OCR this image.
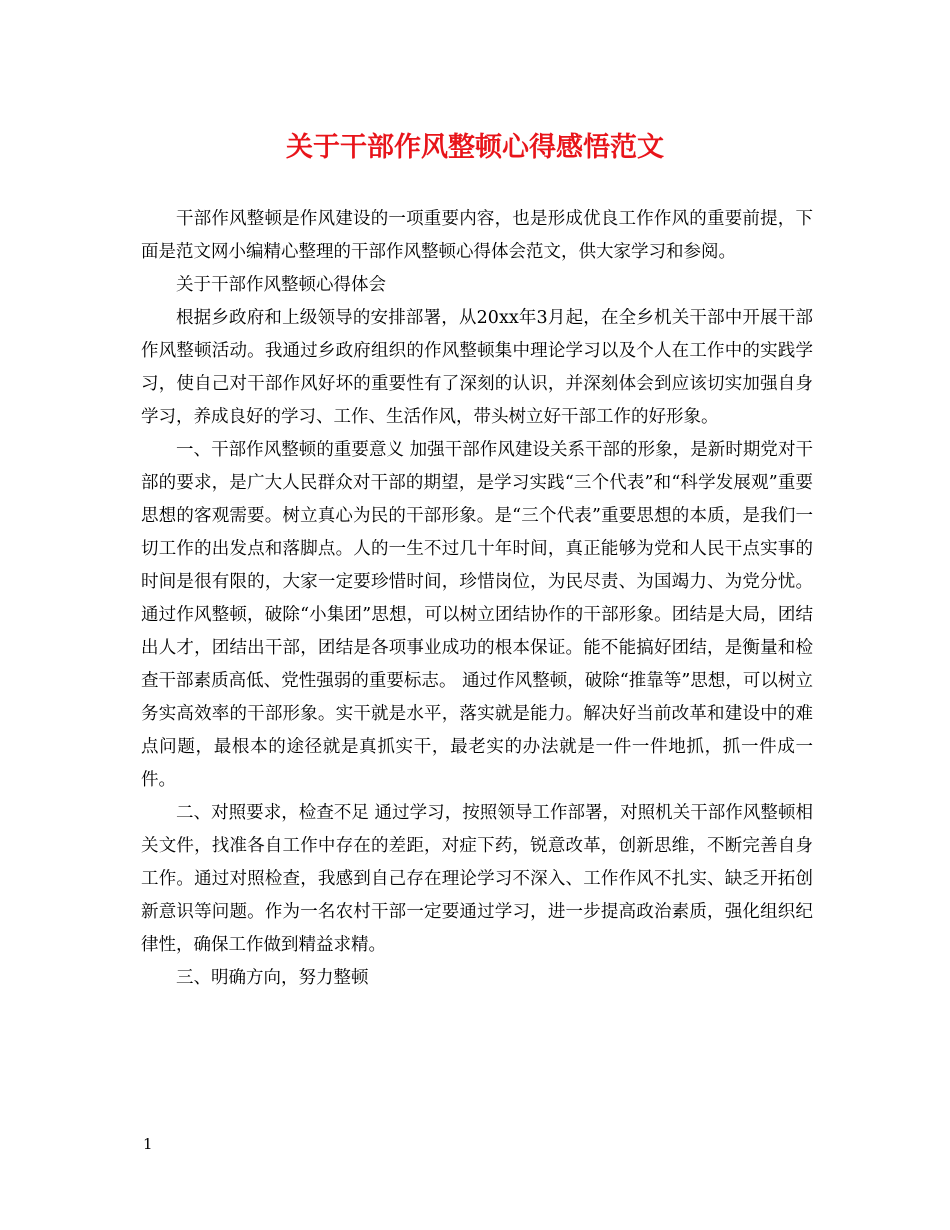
关于干部作风整顿心得感悟范文

干部作风整顿是作风建设的一项重要内容，也是形成优良工作作风的重要前提，下面是范文网小编精心整理的干部作风整顿心得体会范文，供大家学习和参阅。

关于干部作风整顿心得体会

根据乡政府和上级领导的安排部署，从20xx年3月起，在全乡机关干部中开展干部作风整顿活动。我通过乡政府组织的作风整顿集中理论学习以及个人在工作中的实践学习，使自己对干部作风好坏的重要性有了深刻的认识，并深刻体会到应该切实加强自身学习，养成良好的学习、工作、生活作风，带头树立好干部工作的好形象。

一、干部作风整顿的重要意义 加强干部作风建设关系干部的形象，是新时期党对干部的要求，是广大人民群众对干部的期望，是学习实践“三个代表”和“科学发展观”重要思想的客观需要。树立真心为民的干部形象。是“三个代表”重要思想的本质，是我们一切工作的出发点和落脚点。人的一生不过几十年时间，真正能够为党和人民干点实事的时间是很有限的，大家一定要珍惜时间，珍惜岗位，为民尽责、为国竭力、为党分忧。 通过作风整顿，破除“小集团”思想，可以树立团结协作的干部形象。团结是大局，团结出人才，团结出干部，团结是各项事业成功的根本保证。能不能搞好团结，是衡量和检查干部素质高低、党性强弱的重要标志。 通过作风整顿，破除“推靠等”思想，可以树立务实高效率的干部形象。实干就是水平，落实就是能力。解决好当前改革和建设中的难点问题，最根本的途径就是真抓实干，最老实的办法就是一件一件地抓，抓一件成一件。

二、对照要求，检查不足 通过学习，按照领导工作部署，对照机关干部作风整顿相关文件，找准各自工作中存在的差距，对症下药，锐意改革，创新思维，不断完善自身工作。通过对照检查，我感到自己存在理论学习不深入、工作作风不扎实、缺乏开拓创新意识等问题。作为一名农村干部一定要通过学习，进一步提高政治素质，强化组织纪律性，确保工作做到精益求精。

三、明确方向，努力整顿

1
